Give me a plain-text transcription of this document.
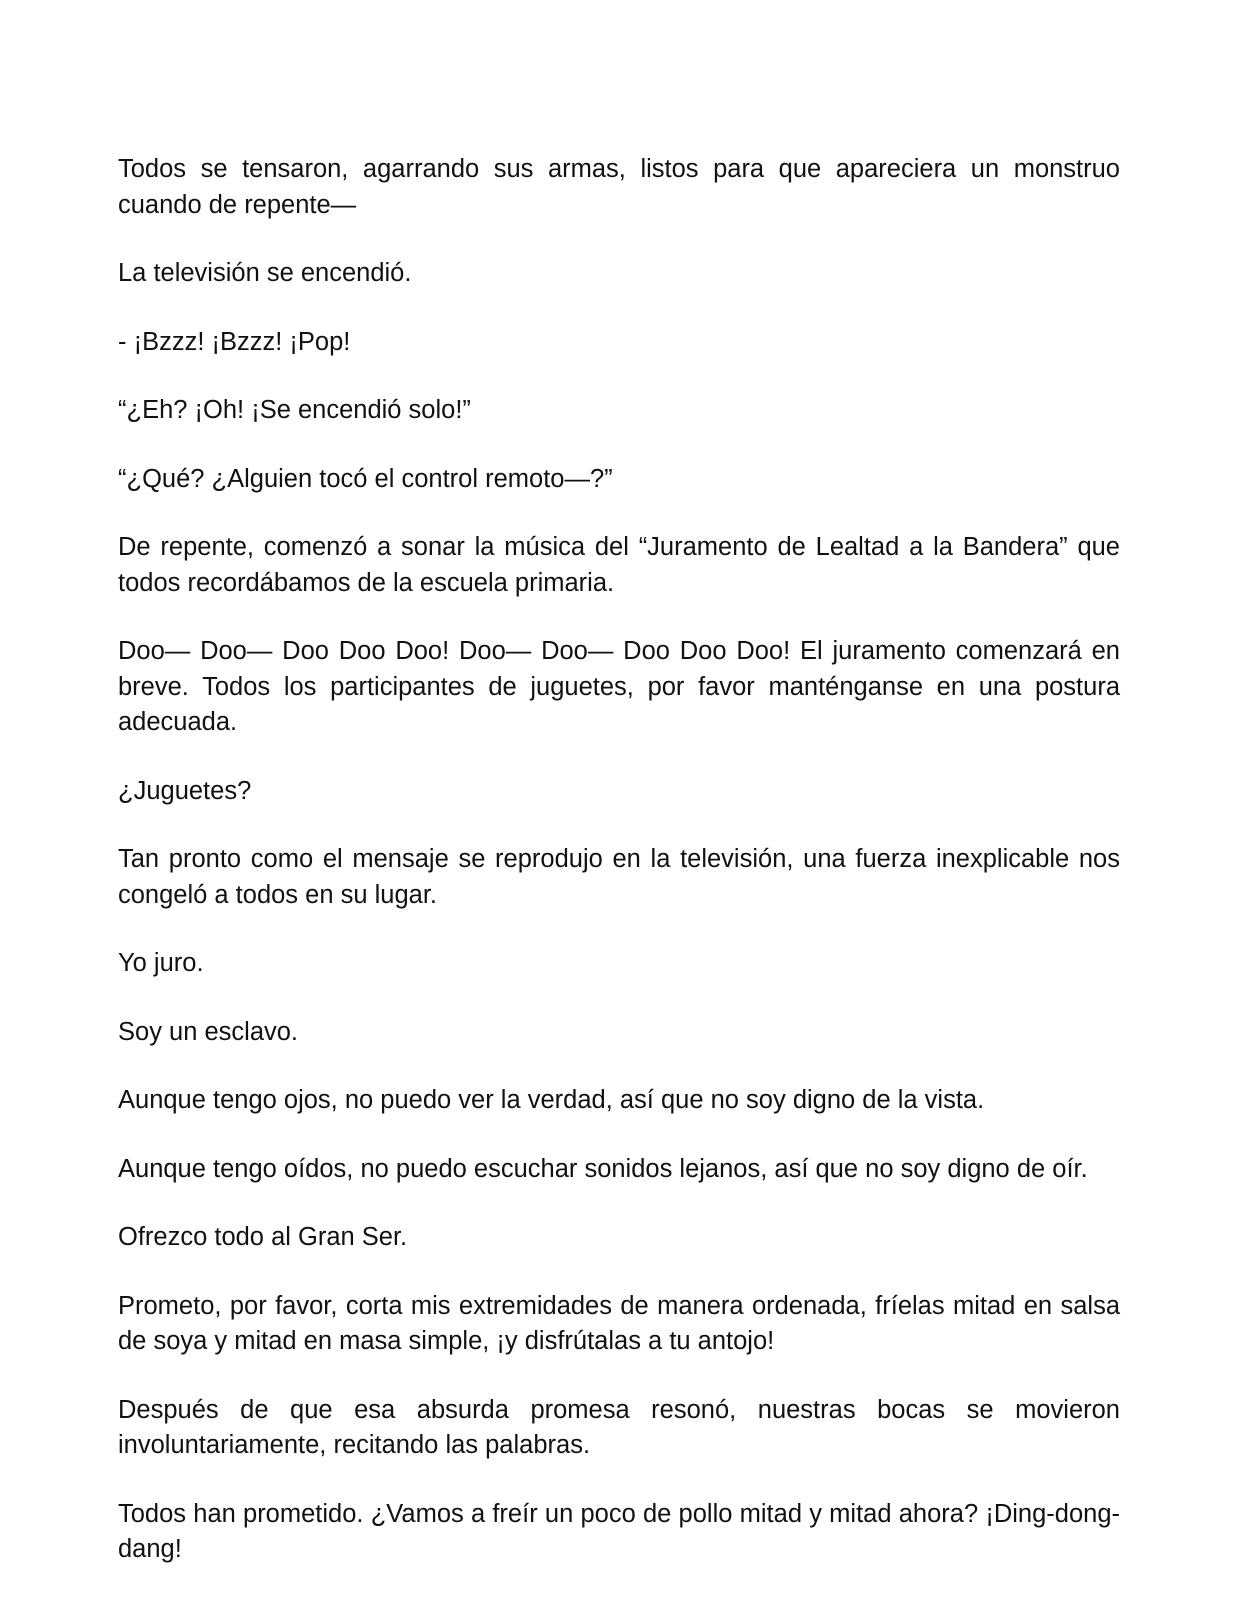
Todos se tensaron, agarrando sus armas, listos para que apareciera un monstruo cuando de repente—

La televisión se encendió.

- ¡Bzzz! ¡Bzzz! ¡Pop!

“¿Eh? ¡Oh! ¡Se encendió solo!”

“¿Qué? ¿Alguien tocó el control remoto—?”

De repente, comenzó a sonar la música del “Juramento de Lealtad a la Bandera” que todos recordábamos de la escuela primaria.

Doo— Doo— Doo Doo Doo! Doo— Doo— Doo Doo Doo! El juramento comenzará en breve. Todos los participantes de juguetes, por favor manténganse en una postura adecuada.

¿Juguetes?

Tan pronto como el mensaje se reprodujo en la televisión, una fuerza inexplicable nos congeló a todos en su lugar.

Yo juro.

Soy un esclavo.

Aunque tengo ojos, no puedo ver la verdad, así que no soy digno de la vista.

Aunque tengo oídos, no puedo escuchar sonidos lejanos, así que no soy digno de oír.

Ofrezco todo al Gran Ser.

Prometo, por favor, corta mis extremidades de manera ordenada, fríelas mitad en salsa de soya y mitad en masa simple, ¡y disfrútalas a tu antojo!

Después de que esa absurda promesa resonó, nuestras bocas se movieron involuntariamente, recitando las palabras.

Todos han prometido. ¿Vamos a freír un poco de pollo mitad y mitad ahora? ¡Ding-dong-dang!
